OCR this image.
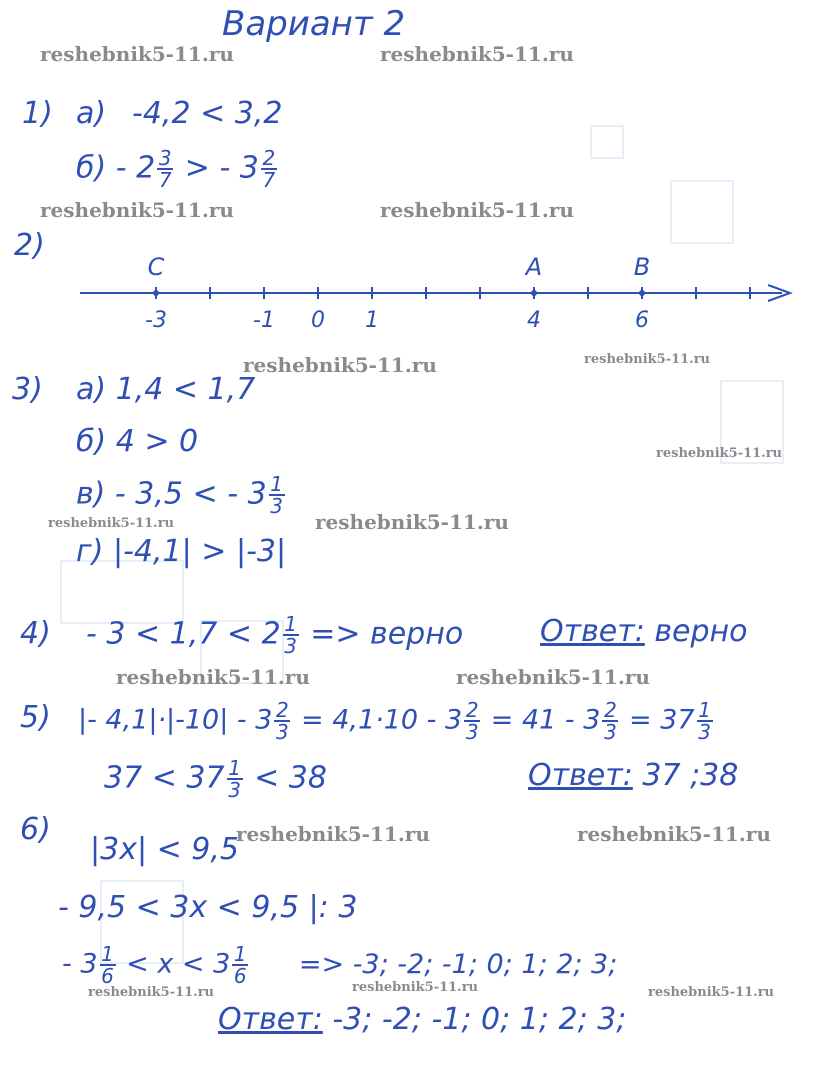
Вариант 2
reshebnik5-11.ru	reshebnik5-11.ru
reshebnik5-11.ru	reshebnik5-11.ru
reshebnik5-11.ru	reshebnik5-11.ru
reshebnik5-11.ru
reshebnik5-11.ru	reshebnik5-11.ru
reshebnik5-11.ru	reshebnik5-11.ru
reshebnik5-11.ru	reshebnik5-11.ru
reshebnik5-11.ru	reshebnik5-11.ru	reshebnik5-11.ru
1) а) -4,2 < 3,2
$б) - 2 \frac{3}{7}$ > - $3 \frac{2}{7}$
2)
C
-3	-1 0 1
A
4
B
6
3) а) 1,4 < 1,7
б) 4 > 0
в) - 3,5 < - $3 \frac{1}{3}$
г) |-4,1| > |-3|
$4) - 3 < 1,7 < 2 \frac{1}{3}$ => верно	Ответ: верно
5) |- $4,1|\cdot|-10| - 3 \frac{2}{3} = 4,1\cdot 10 - 3 \frac{2}{3} = 41 - 3 \frac{2}{3} = 37 \frac{1}{3}$
$37 < 37 \frac{1}{3} < 38$	Ответ: 37 ;38
6)
|3x| < 9,5
- 9,5 < 3x < 9,5 |: 3
- $3 \frac{1}{6} < x < 3 \frac{1}{6} => -3$; -2; -1; 0; 1; 2; 3;
Ответ: -3; -2; -1; 0; 1; 2; 3;
